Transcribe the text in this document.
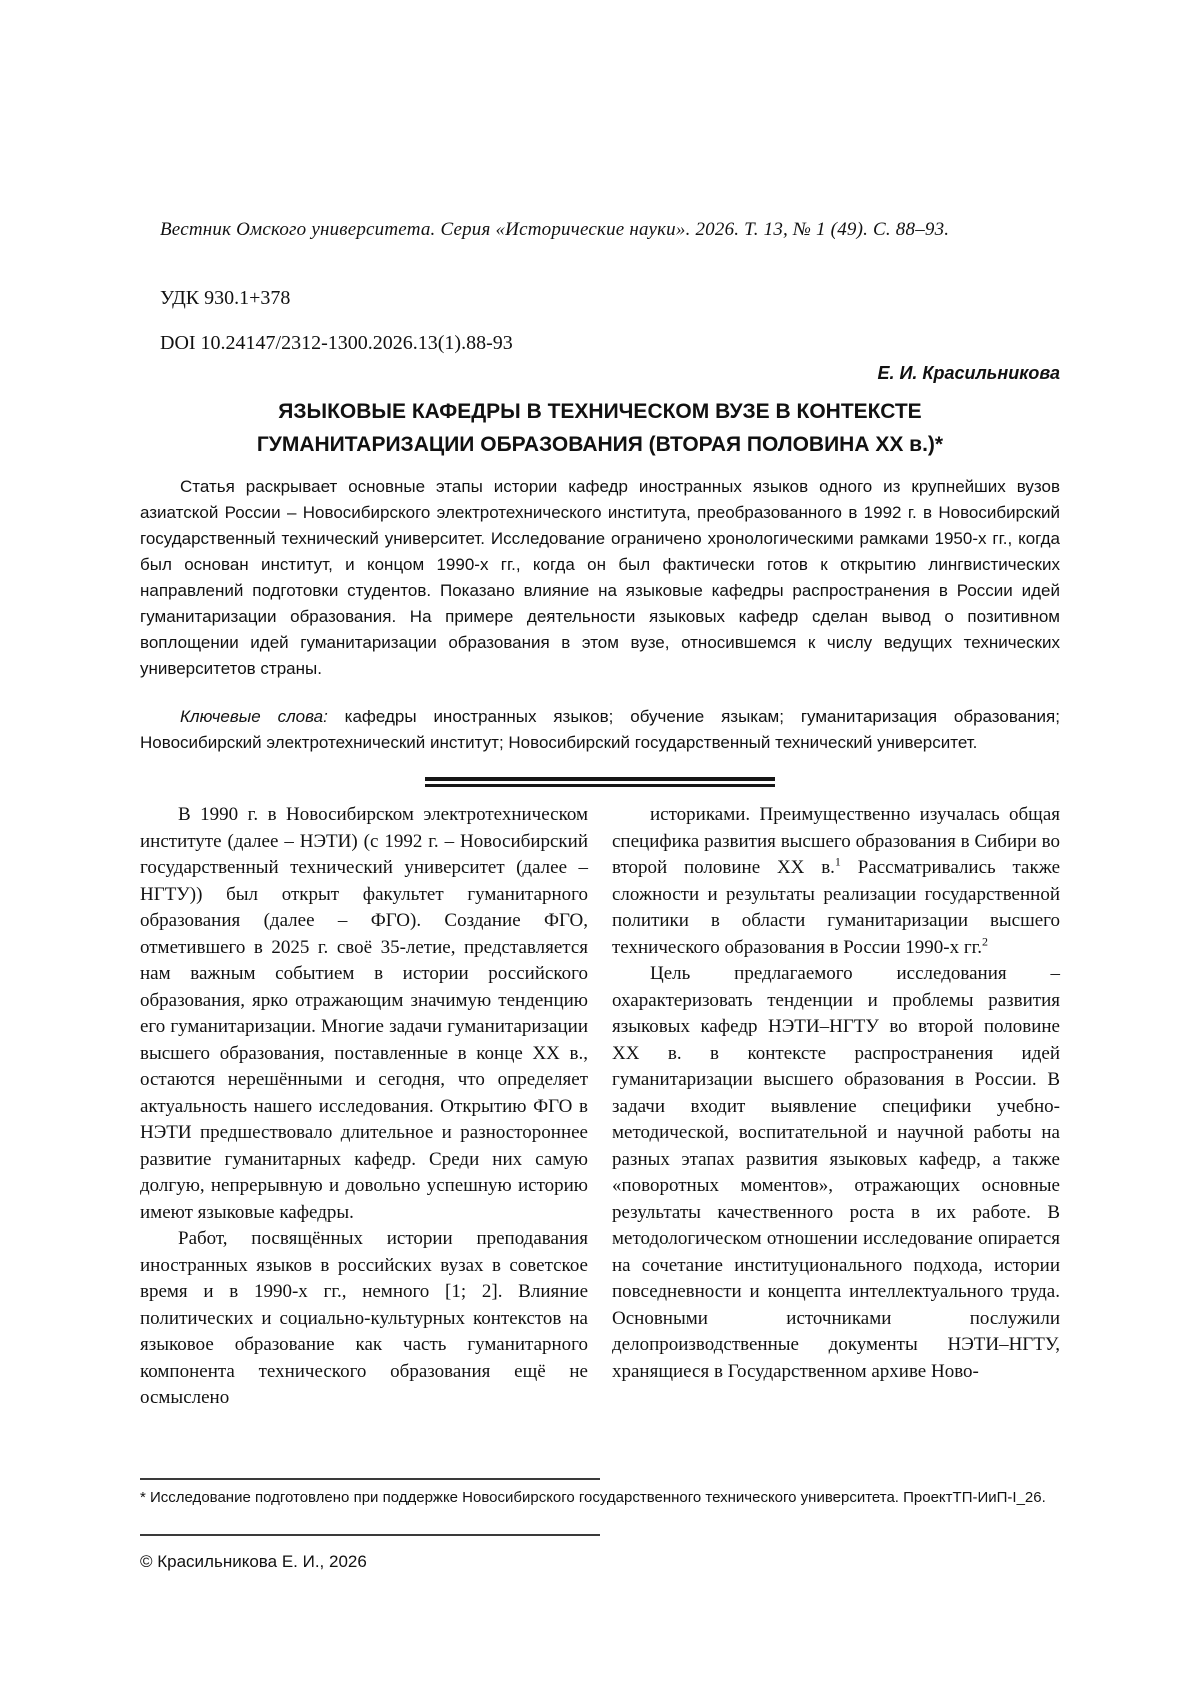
Вестник Омского университета. Серия «Исторические науки». 2026. Т. 13, № 1 (49). С. 88–93.
УДК 930.1+378
DOI 10.24147/2312-1300.2026.13(1).88-93
Е. И. Красильникова
ЯЗЫКОВЫЕ КАФЕДРЫ В ТЕХНИЧЕСКОМ ВУЗЕ В КОНТЕКСТЕ
ГУМАНИТАРИЗАЦИИ ОБРАЗОВАНИЯ (ВТОРАЯ ПОЛОВИНА XX в.)*

Статья раскрывает основные этапы истории кафедр иностранных языков одного из крупнейших вузов азиатской России – Новосибирского электротехнического института, преобразованного в 1992 г. в Новосибирский государственный технический университет. Исследование ограничено хронологическими рамками 1950-х гг., когда был основан институт, и концом 1990-х гг., когда он был фактически готов к открытию лингвистических направлений подготовки студентов. Показано влияние на языковые кафедры распространения в России идей гуманитаризации образования. На примере деятельности языковых кафедр сделан вывод о позитивном воплощении идей гуманитаризации образования в этом вузе, относившемся к числу ведущих технических университетов страны.

Ключевые слова: кафедры иностранных языков; обучение языкам; гуманитаризация образования; Новосибирский электротехнический институт; Новосибирский государственный технический университет.

В 1990 г. в Новосибирском электротехническом институте (далее – НЭТИ) (с 1992 г. – Новосибирский государственный технический университет (далее – НГТУ)) был открыт факультет гуманитарного образования (далее – ФГО). Создание ФГО, отметившего в 2025 г. своё 35-летие, представляется нам важным событием в истории российского образования, ярко отражающим значимую тенденцию его гуманитаризации. Многие задачи гуманитаризации высшего образования, поставленные в конце XX в., остаются нерешёнными и сегодня, что определяет актуальность нашего исследования. Открытию ФГО в НЭТИ предшествовало длительное и разностороннее развитие гуманитарных кафедр. Среди них самую долгую, непрерывную и довольно успешную историю имеют языковые кафедры.

Работ, посвящённых истории преподавания иностранных языков в российских вузах в советское время и в 1990-х гг., немного [1; 2]. Влияние политических и социально-культурных контекстов на языковое образование как часть гуманитарного компонента технического образования ещё не осмыслено

историками. Преимущественно изучалась общая специфика развития высшего образования в Сибири во второй половине XX в.$^1$ Рассматривались также сложности и результаты реализации государственной политики в области гуманитаризации высшего технического образования в России 1990-х гг.$^2$

Цель предлагаемого исследования – охарактеризовать тенденции и проблемы развития языковых кафедр НЭТИ–НГТУ во второй половине XX в. в контексте распространения идей гуманитаризации высшего образования в России. В задачи входит выявление специфики учебно-методической, воспитательной и научной работы на разных этапах развития языковых кафедр, а также «поворотных моментов», отражающих основные результаты качественного роста в их работе. В методологическом отношении исследование опирается на сочетание институционального подхода, истории повседневности и концепта интеллектуального труда. Основными источниками послужили делопроизводственные документы НЭТИ–НГТУ, хранящиеся в Государственном архиве Ново-

* Исследование подготовлено при поддержке Новосибирского государственного технического университета. ПроектТП-ИиП-I_26.
© Красильникова Е. И., 2026
